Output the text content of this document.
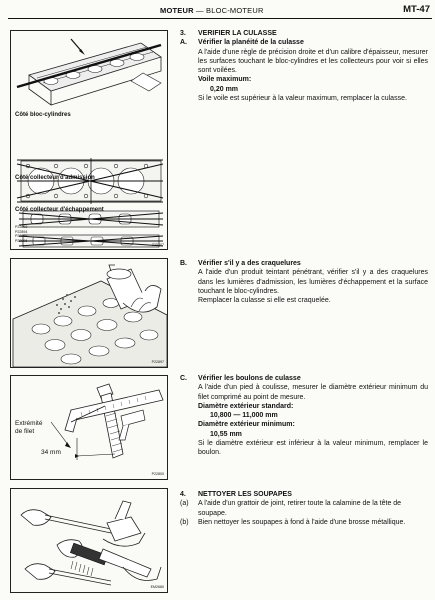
MOTEUR — BLOC-MOTEUR	MT-47
Côté bloc-cylindres
Côté collecteur d'admission
Côté collecteur d'échappement
P22893
P22894
P22895
P22896
Z25307
P22897
Extrémité
de filet
34 mm
P22800
EM2680
3. VERIFIER LA CULASSE
A. Vérifier la planéité de la culasse
A l'aide d'une règle de précision droite et d'un calibre d'épaisseur, mesurer les surfaces touchant le bloc-cylindres et les collecteurs pour voir si elles sont voilées.
Voile maximum:
0,20 mm
Si le voile est supérieur à la valeur maximum, remplacer la culasse.
B. Vérifier s'il y a des craquelures
A l'aide d'un produit teintant pénétrant, vérifier s'il y a des craquelures dans les lumières d'admission, les lumières d'échappement et la surface touchant le bloc-cylindres.
Remplacer la culasse si elle est craquelée.
C. Vérifier les boulons de culasse
A l'aide d'un pied à coulisse, mesurer le diamètre extérieur minimum du filet comprimé au point de mesure.
Diamètre extérieur standard:
10,800 — 11,000 mm
Diamètre extérieur minimum:
10,55 mm
Si le diamètre extérieur est inférieur à la valeur minimum, remplacer le boulon.
4. NETTOYER LES SOUPAPES
(a) A l'aide d'un grattoir de joint, retirer toute la calamine de la tête de soupape.
(b) Bien nettoyer les soupapes à fond à l'aide d'une brosse métallique.
